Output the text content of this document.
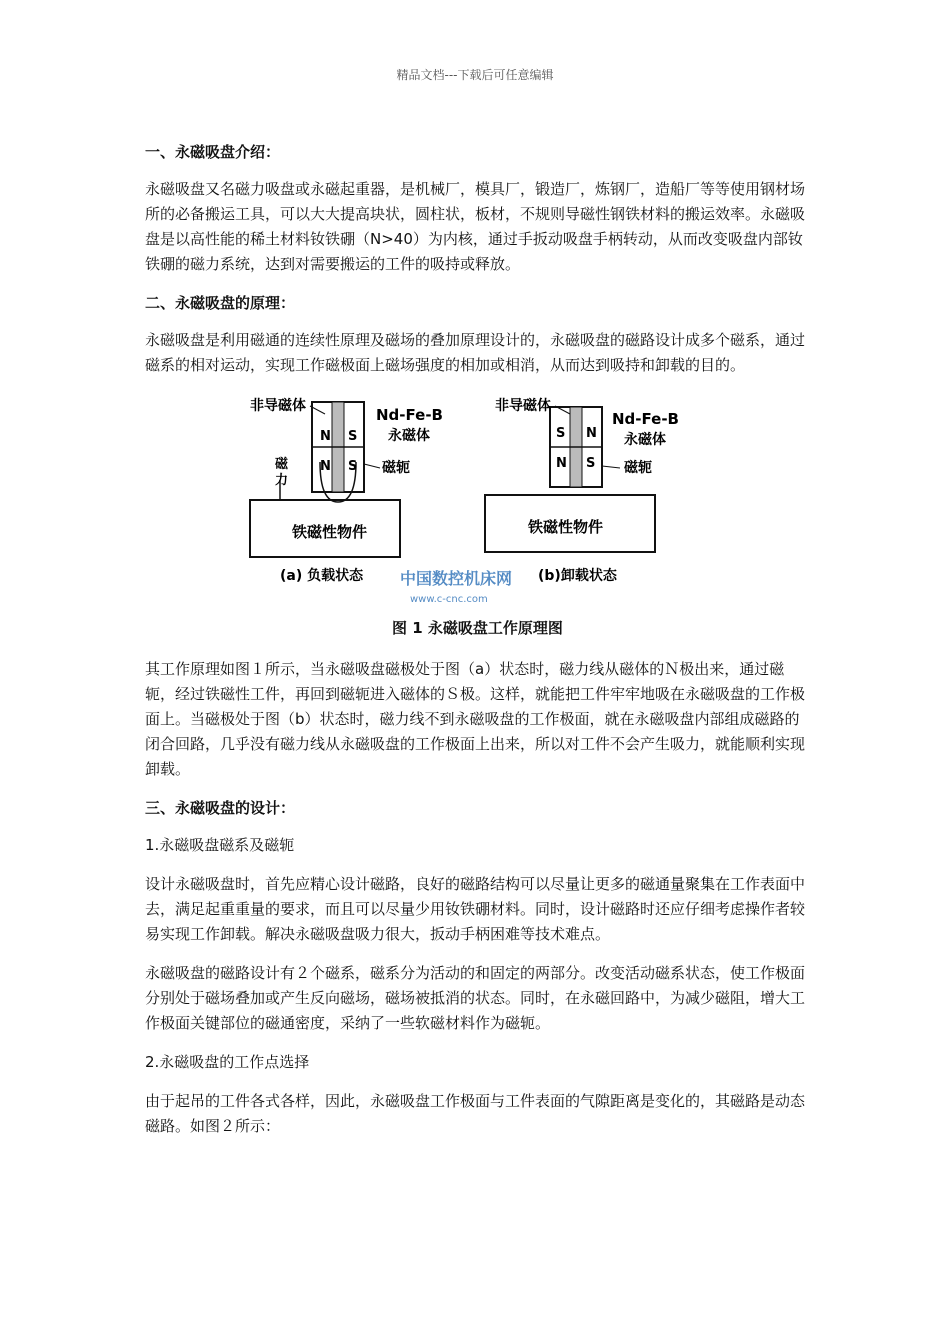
精品文档---下载后可任意编辑
一、永磁吸盘介绍：
永磁吸盘又名磁力吸盘或永磁起重器，是机械厂，模具厂，锻造厂，炼钢厂，造船厂等等使用钢材场所的必备搬运工具，可以大大提高块状，圆柱状，板材，不规则导磁性钢铁材料的搬运效率。永磁吸盘是以高性能的稀土材料钕铁硼（N>40）为内核，通过手扳动吸盘手柄转动，从而改变吸盘内部钕铁硼的磁力系统，达到对需要搬运的工件的吸持或释放。
二、永磁吸盘的原理：
永磁吸盘是利用磁通的连续性原理及磁场的叠加原理设计的，永磁吸盘的磁路设计成多个磁系，通过磁系的相对运动，实现工作磁极面上磁场强度的相加或相消，从而达到吸持和卸载的目的。
N S
N S
非导磁体	Nd-Fe-B
永磁体
磁轭
磁
力
铁磁性物件
(a) 负载状态
S N
N S
非导磁体
Nd-Fe-B
永磁体
磁轭
铁磁性物件
(b)卸载状态
中国数控机床网
www.c-cnc.com
图 1 永磁吸盘工作原理图
其工作原理如图１所示，当永磁吸盘磁极处于图（a）状态时，磁力线从磁体的Ｎ极出来，通过磁轭，经过铁磁性工件，再回到磁轭进入磁体的Ｓ极。这样，就能把工件牢牢地吸在永磁吸盘的工作极面上。当磁极处于图（b）状态时，磁力线不到永磁吸盘的工作极面，就在永磁吸盘内部组成磁路的闭合回路，几乎没有磁力线从永磁吸盘的工作极面上出来，所以对工件不会产生吸力，就能顺利实现卸载。
三、永磁吸盘的设计：
1.永磁吸盘磁系及磁轭
设计永磁吸盘时，首先应精心设计磁路，良好的磁路结构可以尽量让更多的磁通量聚集在工作表面中去，满足起重重量的要求，而且可以尽量少用钕铁硼材料。同时，设计磁路时还应仔细考虑操作者较易实现工作卸载。解决永磁吸盘吸力很大，扳动手柄困难等技术难点。
永磁吸盘的磁路设计有２个磁系，磁系分为活动的和固定的两部分。改变活动磁系状态，使工作极面分别处于磁场叠加或产生反向磁场，磁场被抵消的状态。同时，在永磁回路中，为减少磁阻，增大工作极面关键部位的磁通密度，采纳了一些软磁材料作为磁轭。
2.永磁吸盘的工作点选择
由于起吊的工件各式各样，因此，永磁吸盘工作极面与工件表面的气隙距离是变化的，其磁路是动态磁路。如图２所示：
